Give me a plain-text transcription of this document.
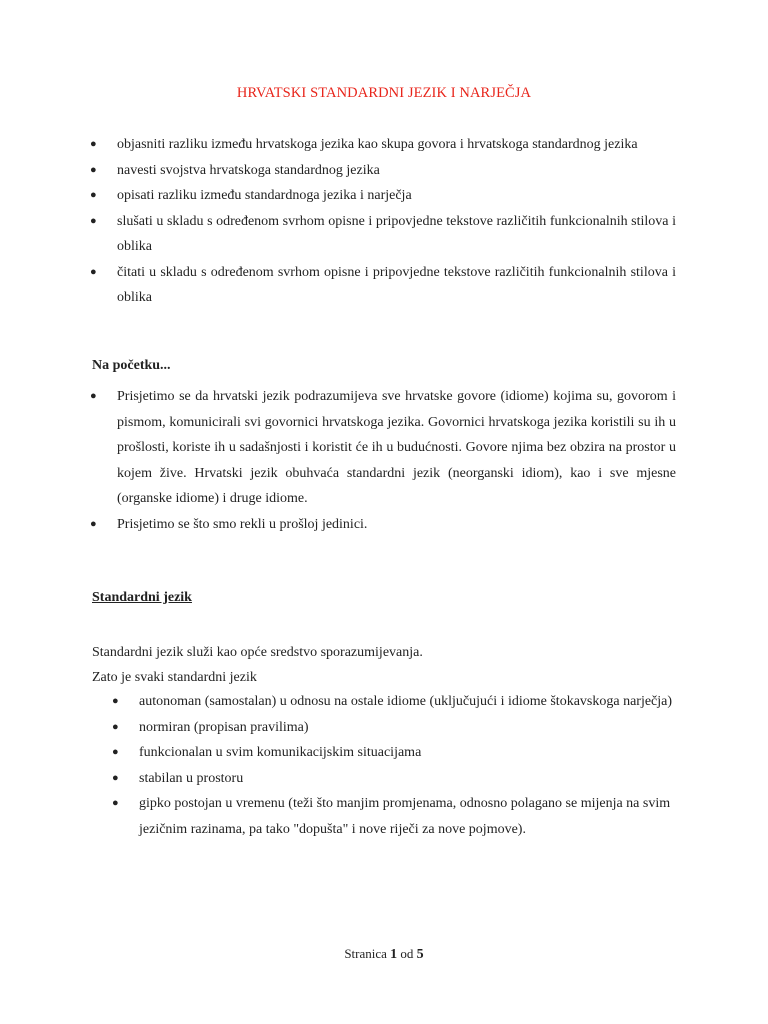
HRVATSKI STANDARDNI JEZIK I NARJEČJA
● objasniti razliku između hrvatskoga jezika kao skupa govora i hrvatskoga standardnog jezika
● navesti svojstva hrvatskoga standardnog jezika
● opisati razliku između standardnoga jezika i narječja
● slušati u skladu s određenom svrhom opisne i pripovjedne tekstove različitih funkcionalnih stilova i oblika
● čitati u skladu s određenom svrhom opisne i pripovjedne tekstove različitih funkcionalnih stilova i oblika
Na početku...
● Prisjetimo se da hrvatski jezik podrazumijeva sve hrvatske govore (idiome) kojima su, govorom i pismom, komunicirali svi govornici hrvatskoga jezika. Govornici hrvatskoga jezika koristili su ih u prošlosti, koriste ih u sadašnjosti i koristit će ih u budućnosti. Govore njima bez obzira na prostor u kojem žive. Hrvatski jezik obuhvaća standardni jezik (neorganski idiom), kao i sve mjesne (organske idiome) i druge idiome.
● Prisjetimo se što smo rekli u prošloj jedinici.
Standardni jezik
Standardni jezik služi kao opće sredstvo sporazumijevanja.
Zato je svaki standardni jezik
● autonoman (samostalan) u odnosu na ostale idiome (uključujući i idiome štokavskoga narječja)
● normiran (propisan pravilima)
● funkcionalan u svim komunikacijskim situacijama
● stabilan u prostoru
● gipko postojan u vremenu (teži što manjim promjenama, odnosno polagano se mijenja na svim jezičnim razinama, pa tako "dopušta" i nove riječi za nove pojmove).
Stranica 1 od 5
